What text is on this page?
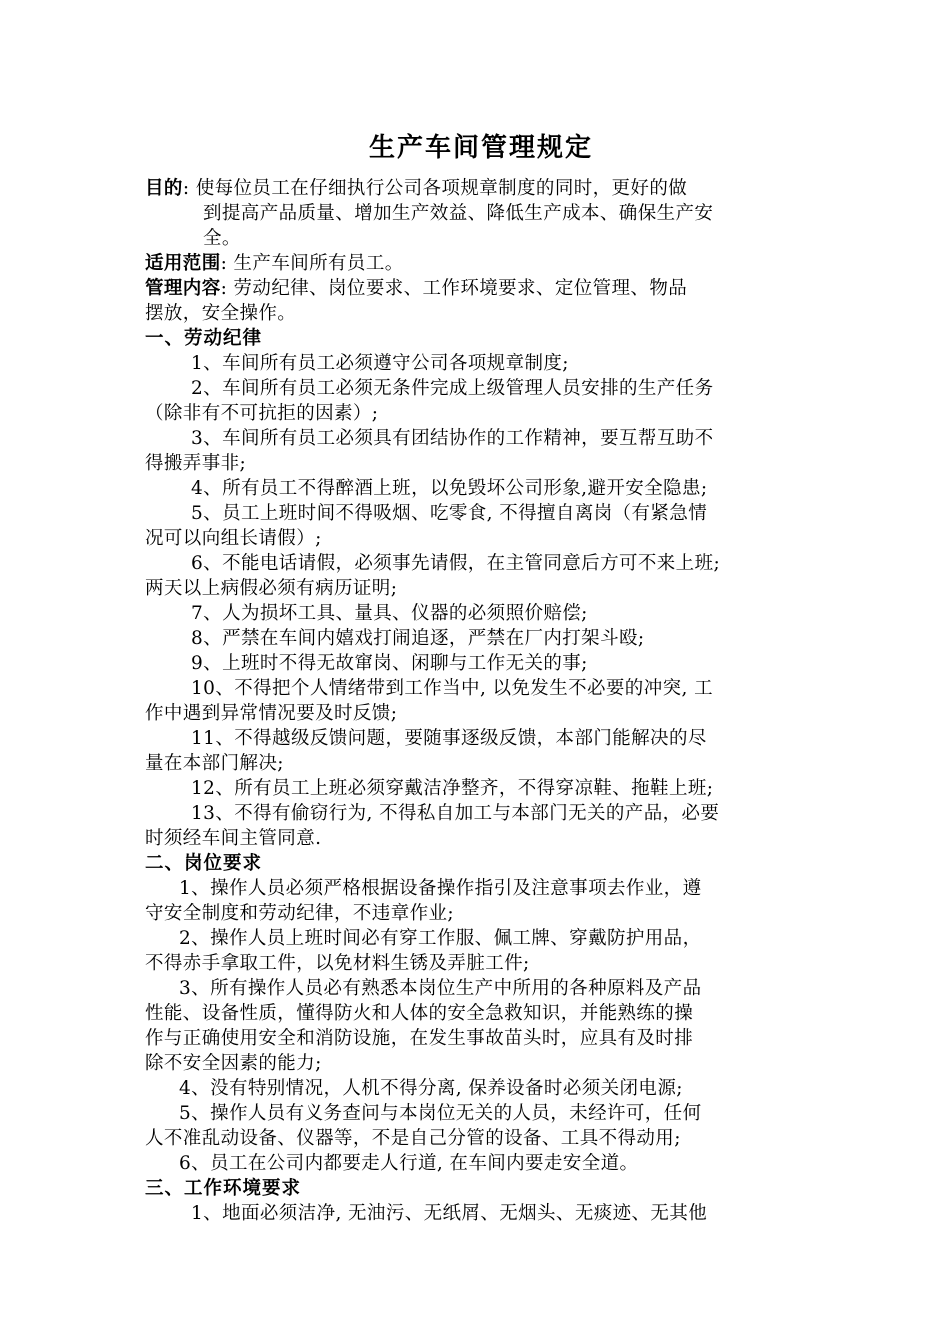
生产车间管理规定
目的: 使每位员工在仔细执行公司各项规章制度的同时，更好的做
到提高产品质量、增加生产效益、降低生产成本、确保生产安
全。
适用范围: 生产车间所有员工。
管理内容: 劳动纪律、岗位要求、工作环境要求、定位管理、物品
摆放，安全操作。
一、劳动纪律
1、车间所有员工必须遵守公司各项规章制度;
2、车间所有员工必须无条件完成上级管理人员安排的生产任务
（除非有不可抗拒的因素）;
3、车间所有员工必须具有团结协作的工作精神，要互帮互助不
得搬弄事非;
4、所有员工不得醉酒上班，以免毁坏公司形象,避开安全隐患;
5、员工上班时间不得吸烟、吃零食, 不得擅自离岗（有紧急情
况可以向组长请假）;
6、不能电话请假，必须事先请假，在主管同意后方可不来上班;
两天以上病假必须有病历证明;
7、人为损坏工具、量具、仪器的必须照价赔偿;
8、严禁在车间内嬉戏打闹追逐，严禁在厂内打架斗殴;
9、上班时不得无故窜岗、闲聊与工作无关的事;
10、不得把个人情绪带到工作当中, 以免发生不必要的冲突, 工
作中遇到异常情况要及时反馈;
11、不得越级反馈问题，要随事逐级反馈，本部门能解决的尽
量在本部门解决;
12、所有员工上班必须穿戴洁净整齐，不得穿凉鞋、拖鞋上班;
13、不得有偷窃行为, 不得私自加工与本部门无关的产品，必要
时须经车间主管同意.
二、岗位要求
1、操作人员必须严格根据设备操作指引及注意事项去作业，遵
守安全制度和劳动纪律，不违章作业;
2、操作人员上班时间必有穿工作服、佩工牌、穿戴防护用品，
不得赤手拿取工件，以免材料生锈及弄脏工件;
3、所有操作人员必有熟悉本岗位生产中所用的各种原料及产品
性能、设备性质，懂得防火和人体的安全急救知识，并能熟练的操
作与正确使用安全和消防设施，在发生事故苗头时，应具有及时排
除不安全因素的能力;
4、没有特别情况，人机不得分离, 保养设备时必须关闭电源;
5、操作人员有义务查问与本岗位无关的人员，未经许可，任何
人不准乱动设备、仪器等，不是自己分管的设备、工具不得动用;
6、员工在公司内都要走人行道, 在车间内要走安全道。
三、工作环境要求
1、地面必须洁净, 无油污、无纸屑、无烟头、无痰迹、无其他
